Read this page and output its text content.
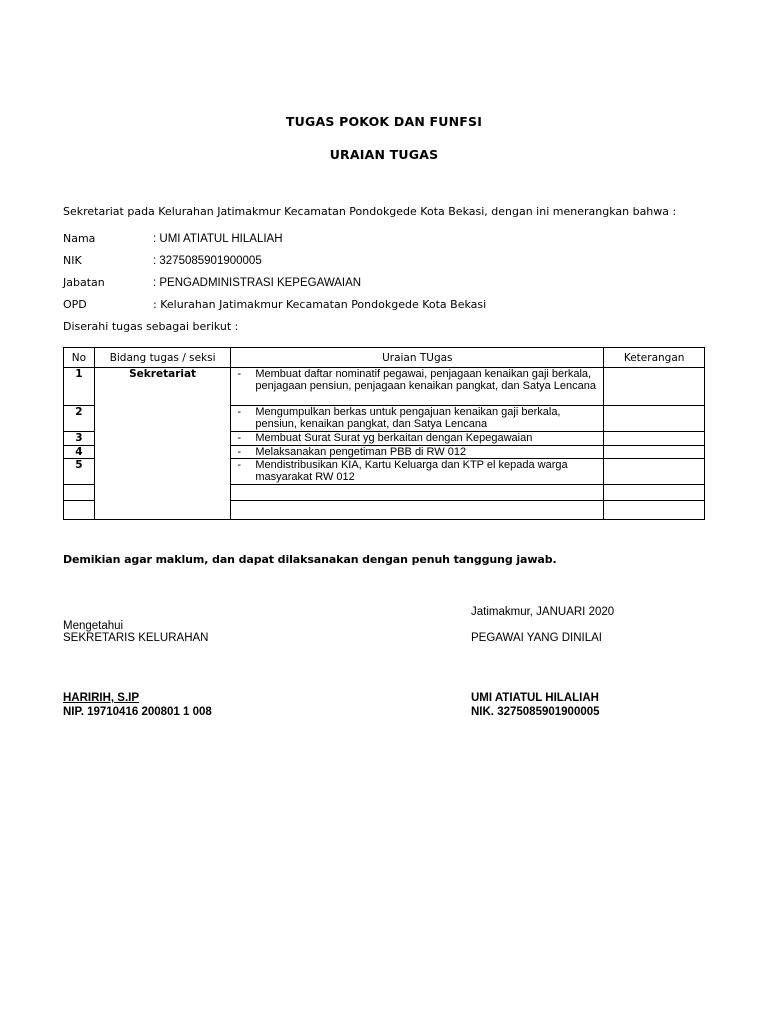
TUGAS POKOK DAN FUNFSI
URAIAN TUGAS
Sekretariat pada Kelurahan Jatimakmur Kecamatan Pondokgede Kota Bekasi, dengan ini menerangkan bahwa :
Nama	: UMI ATIATUL HILALIAH
NIK	: 3275085901900005
Jabatan	: PENGADMINISTRASI KEPEGAWAIAN
OPD	: Kelurahan Jatimakmur Kecamatan Pondokgede Kota Bekasi
Diserahi tugas sebagai berikut :
No	Bidang tugas / seksi	Uraian TUgas	Keterangan
1	Sekretariat	- Membuat daftar nominatif pegawai, penjagaan kenaikan gaji berkala, penjagaan pensiun, penjagaan kenaikan pangkat, dan Satya Lencana	

2		- Mengumpulkan berkas untuk pengajuan kenaikan gaji berkala, pensiun, kenaikan pangkat, dan Satya Lencana	

3		- Membuat Surat Surat yg berkaitan dengan Kepegawaian	

4		- Melaksanakan pengetiman PBB di RW 012	

5		- Mendistribusikan KIA, Kartu Keluarga dan KTP el kepada warga masyarakat RW 012	

Demikian agar maklum, dan dapat dilaksanakan dengan penuh tanggung jawab.
Jatimakmur, JANUARI 2020
Mengetahui
SEKRETARIS KELURAHAN	PEGAWAI YANG DINILAI
HARIRIH, S.IP
NIP. 19710416 200801 1 008
UMI ATIATUL HILALIAH
NIK. 3275085901900005
